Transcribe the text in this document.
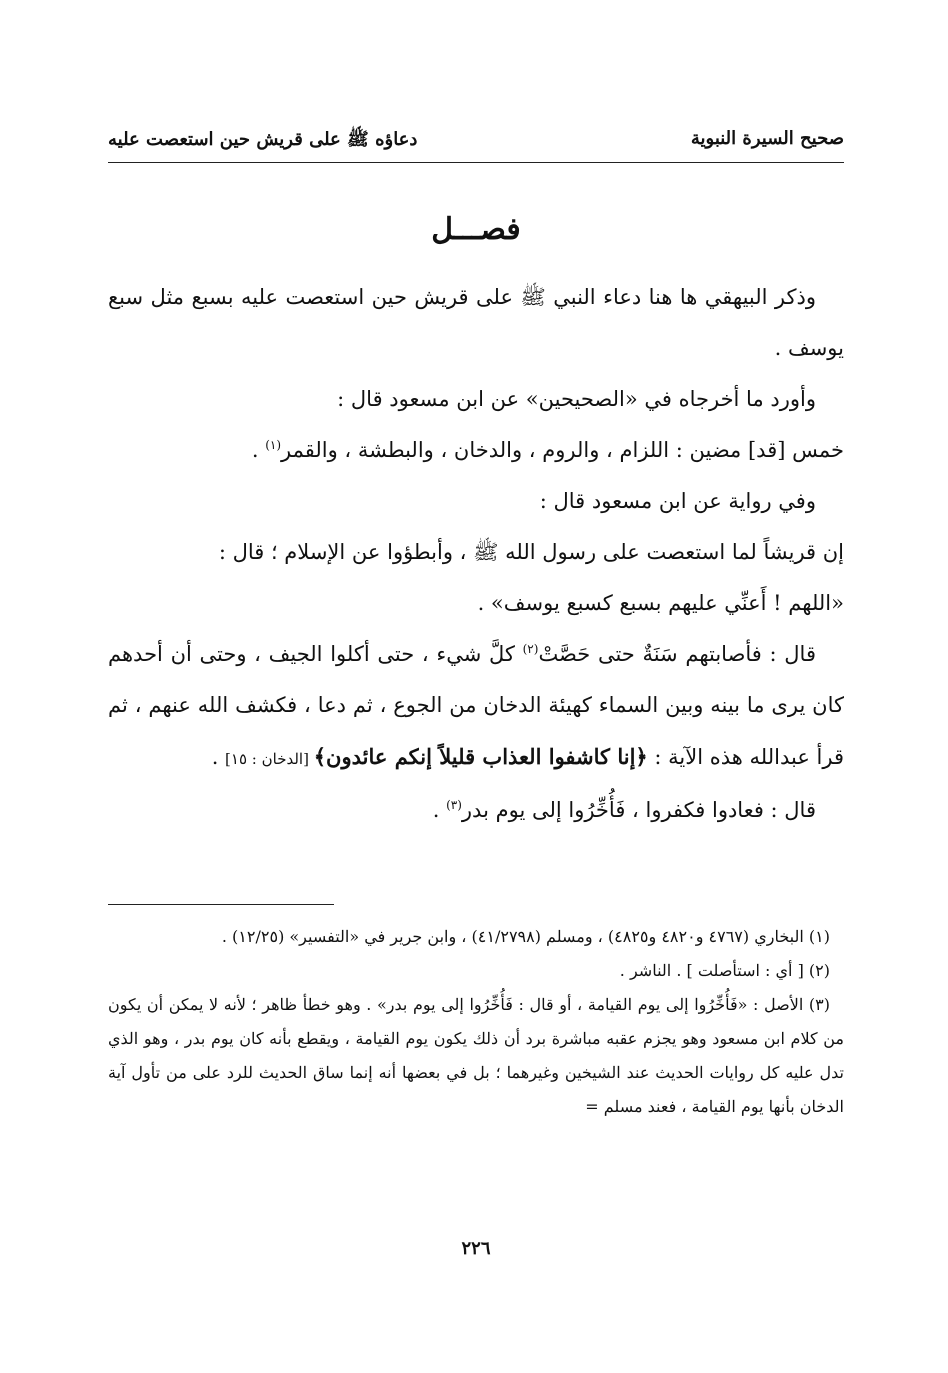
صحيح السيرة النبوية
دعاؤه ﷺ على قريش حين استعصت عليه
فصـــل

وذكر البيهقي ها هنا دعاء النبي ﷺ على قريش حين استعصت عليه بسبع مثل سبع يوسف .

وأورد ما أخرجاه في «الصحيحين» عن ابن مسعود قال :

خمس [قد] مضين : اللزام ، والروم ، والدخان ، والبطشة ، والقمر$^{(١)}$ .

وفي رواية عن ابن مسعود قال :

إن قريشاً لما استعصت على رسول الله ﷺ ، وأبطؤوا عن الإسلام ؛ قال :

«اللهم ! أَعنِّي عليهم بسبع كسبع يوسف» .

قال : فأصابتهم سَنَةٌ حتى حَصَّتْ$^{(٢)}$ كلَّ شيء ، حتى أكلوا الجيف ، وحتى أن أحدهم كان يرى ما بينه وبين السماء كهيئة الدخان من الجوع ، ثم دعا ، فكشف الله عنهم ، ثم قرأ عبدالله هذه الآية : ﴿إنا كاشفوا العذاب قليلاً إنكم عائدون﴾ [الدخان : ١٥] .

قال : فعادوا فكفروا ، فَأُخِّرُوا إلى يوم بدر$^{(٣)}$ .

(١) البخاري (٤٧٦٧ و٤٨٢٠ و٤٨٢٥) ، ومسلم (٤١/٢٧٩٨) ، وابن جرير في «التفسير» (١٢/٢٥) .

(٢) [ أي : استأصلت ] . الناشر .

(٣) الأصل : «فَأُخِّرُوا إلى يوم القيامة ، أو قال : فَأُخِّرُوا إلى يوم بدر» . وهو خطأ ظاهر ؛ لأنه لا يمكن أن يكون من كلام ابن مسعود وهو يجزم عقبه مباشرة برد أن ذلك يكون يوم القيامة ، ويقطع بأنه كان يوم بدر ، وهو الذي تدل عليه كل روايات الحديث عند الشيخين وغيرهما ؛ بل في بعضها أنه إنما ساق الحديث للرد على من تأول آية الدخان بأنها يوم القيامة ، فعند مسلم =

٢٢٦
